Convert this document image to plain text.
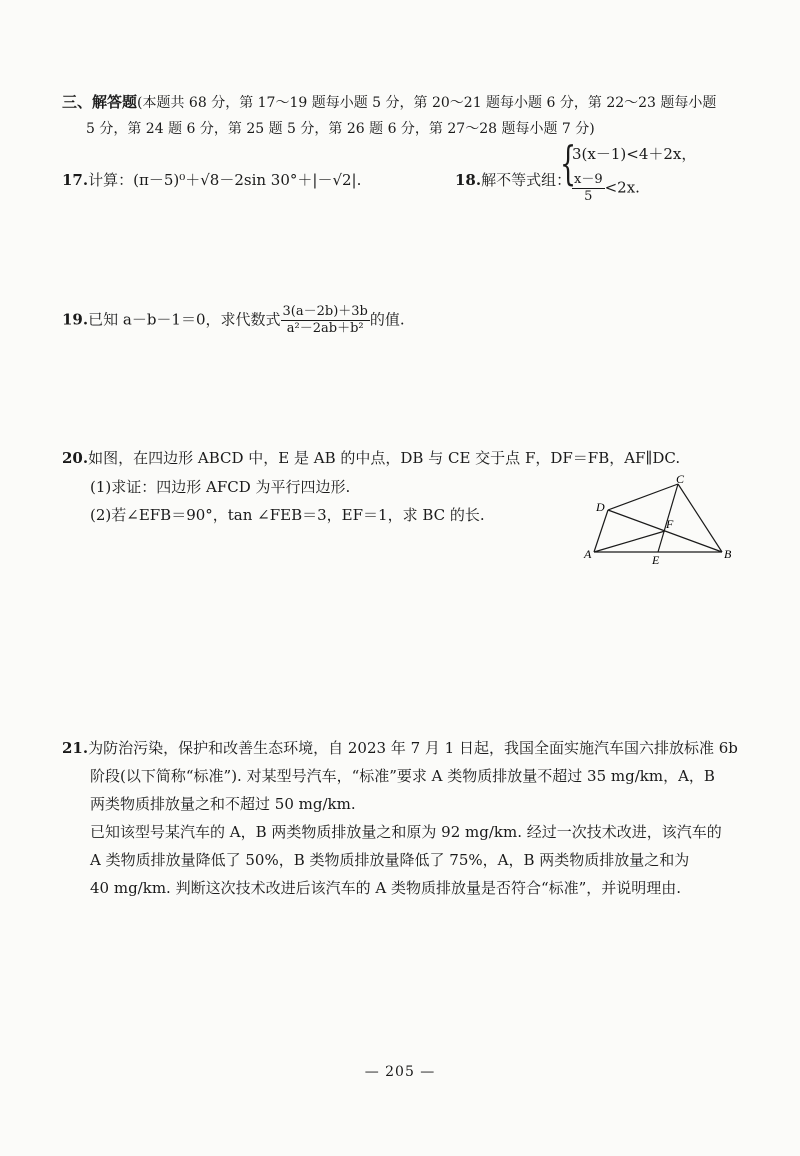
三、解答题(本题共 68 分，第 17～19 题每小题 5 分，第 20～21 题每小题 6 分，第 22～23 题每小题
5 分，第 24 题 6 分，第 25 题 5 分，第 26 题 6 分，第 27～28 题每小题 7 分)
17.计算：(π－5)⁰＋√8－2sin 30°＋|－√2|.	18.解不等式组：
{
3(x－1)<4＋2x，
$\frac{x-9}{5} <2x$.
19.已知 a－b－1＝0，求代数式 $\frac{3(a-2b)+3b}{\text{a²－2ab＋b²}}$ 的值.
20.如图，在四边形 ABCD 中，E 是 AB 的中点，DB 与 CE 交于点 F，DF＝FB，AF∥DC.
(1)求证：四边形 AFCD 为平行四边形.
(2)若∠EFB＝90°，tan ∠FEB＝3，EF＝1，求 BC 的长.
A	B
C
D
E
F
21.为防治污染，保护和改善生态环境，自 2023 年 7 月 1 日起，我国全面实施汽车国六排放标准 6b
阶段(以下简称“标准”). 对某型号汽车，“标准”要求 A 类物质排放量不超过 35 mg/km，A，B
两类物质排放量之和不超过 50 mg/km.
已知该型号某汽车的 A，B 两类物质排放量之和原为 92 mg/km. 经过一次技术改进，该汽车的
A 类物质排放量降低了 50%，B 类物质排放量降低了 75%，A，B 两类物质排放量之和为
40 mg/km. 判断这次技术改进后该汽车的 A 类物质排放量是否符合“标准”，并说明理由.
— 205 —
